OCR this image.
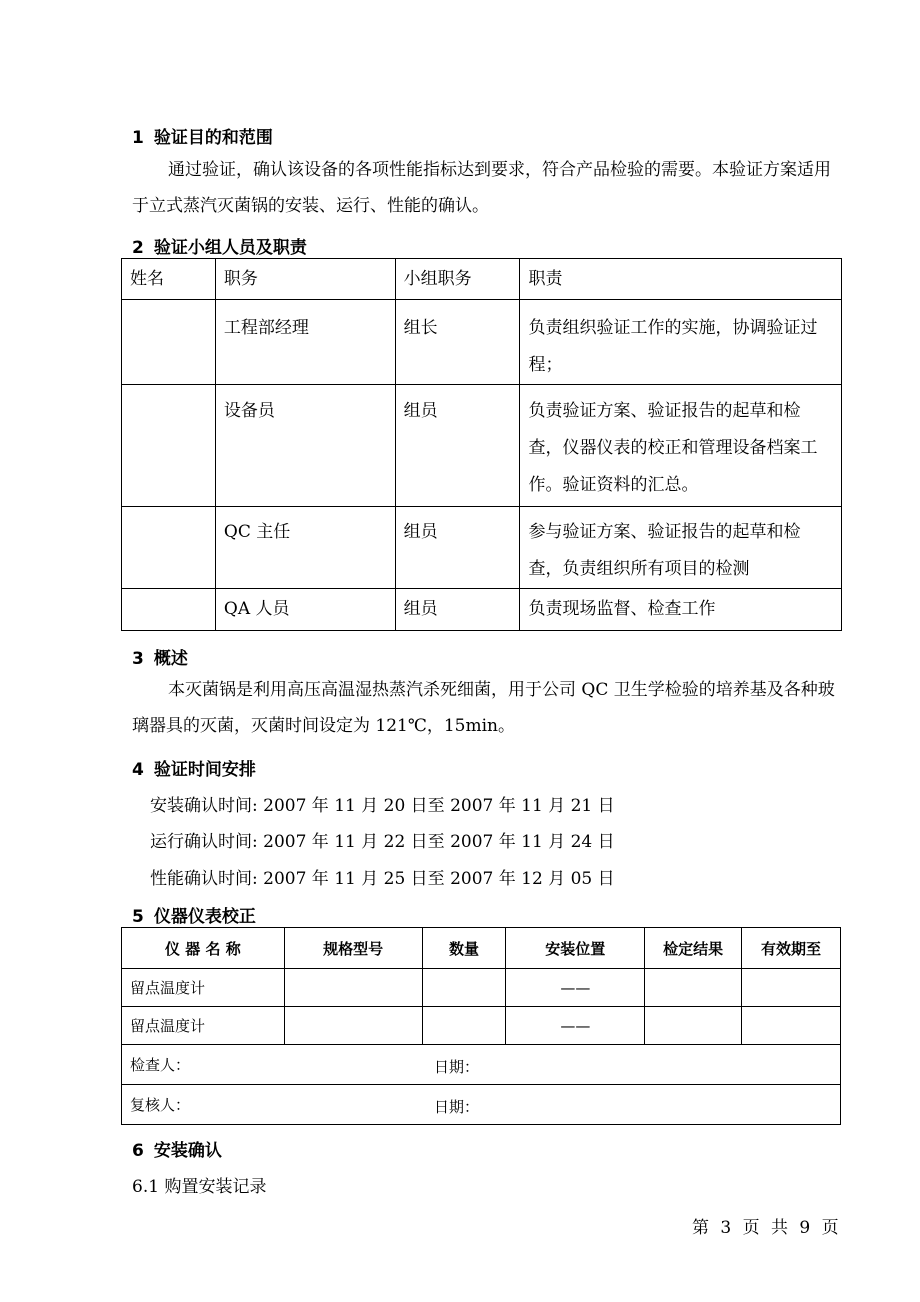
1 验证目的和范围
通过验证，确认该设备的各项性能指标达到要求，符合产品检验的需要。本验证方案适用于立式蒸汽灭菌锅的安装、运行、性能的确认。
2 验证小组人员及职责
姓名	职务	小组职务	职责
	工程部经理	组长	负责组织验证工作的实施，协调验证过程；
	设备员	组员	负责验证方案、验证报告的起草和检查，仪器仪表的校正和管理设备档案工作。验证资料的汇总。
	QC 主任	组员	参与验证方案、验证报告的起草和检查，负责组织所有项目的检测
	QA 人员	组员	负责现场监督、检查工作
3 概述
本灭菌锅是利用高压高温湿热蒸汽杀死细菌，用于公司 QC 卫生学检验的培养基及各种玻璃器具的灭菌，灭菌时间设定为 121℃，15min。
4 验证时间安排
安装确认时间: 2007 年 11 月 20 日至 2007 年 11 月 21 日
运行确认时间: 2007 年 11 月 22 日至 2007 年 11 月 24 日
性能确认时间: 2007 年 11 月 25 日至 2007 年 12 月 05 日
5 仪器仪表校正
仪 器 名 称	规格型号	数量	安装位置	检定结果	有效期至
留点温度计			——		
留点温度计			——		
检查人： 日期：					

复核人： 日期：					
6 安装确认
6.1 购置安装记录
第 3 页 共 9 页
